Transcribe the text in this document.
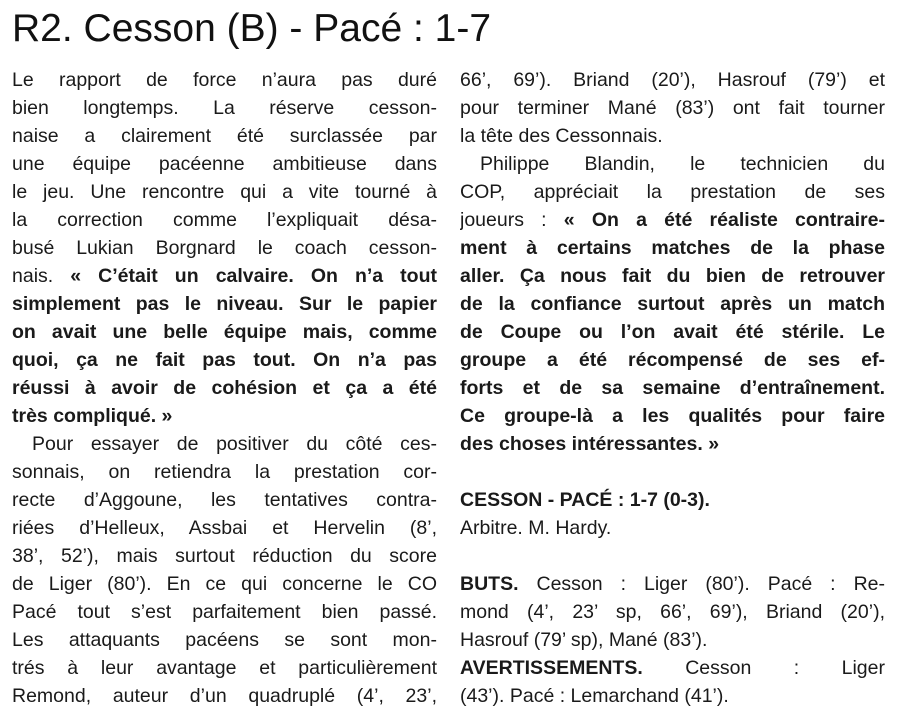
R2. Cesson (B) - Pacé : 1-7
Le rapport de force n’aura pas duré
bien longtemps. La réserve cesson-
naise a clairement été surclassée par
une équipe pacéenne ambitieuse dans
le jeu. Une rencontre qui a vite tourné à
la correction comme l’expliquait désa-
busé Lukian Borgnard le coach cesson-
nais. « C’était un calvaire. On n’a tout
simplement pas le niveau. Sur le papier
on avait une belle équipe mais, comme
quoi, ça ne fait pas tout. On n’a pas
réussi à avoir de cohésion et ça a été
très compliqué. »
Pour essayer de positiver du côté ces-
sonnais, on retiendra la prestation cor-
recte d’Aggoune, les tentatives contra-
riées d’Helleux, Assbai et Hervelin (8’,
38’, 52’), mais surtout réduction du score
de Liger (80’). En ce qui concerne le CO
Pacé tout s’est parfaitement bien passé.
Les attaquants pacéens se sont mon-
trés à leur avantage et particulièrement
Remond, auteur d’un quadruplé (4’, 23’,
66’, 69’). Briand (20’), Hasrouf (79’) et
pour terminer Mané (83’) ont fait tourner
la tête des Cessonnais.
Philippe Blandin, le technicien du
COP, appréciait la prestation de ses
joueurs : « On a été réaliste contraire-
ment à certains matches de la phase
aller. Ça nous fait du bien de retrouver
de la confiance surtout après un match
de Coupe ou l’on avait été stérile. Le
groupe a été récompensé de ses ef-
forts et de sa semaine d’entraînement.
Ce groupe-là a les qualités pour faire
des choses intéressantes. »
CESSON - PACÉ : 1-7 (0-3).
Arbitre. M. Hardy.
BUTS. Cesson : Liger (80’). Pacé : Re-
mond (4’, 23’ sp, 66’, 69’), Briand (20’),
Hasrouf (79’ sp), Mané (83’).
AVERTISSEMENTS. Cesson : Liger
(43’). Pacé : Lemarchand (41’).
